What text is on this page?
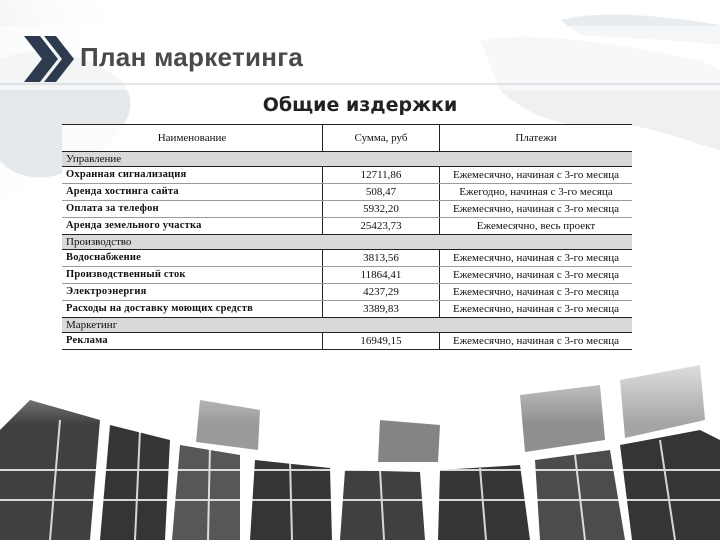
План маркетинга
Общие издержки
Наименование	Сумма, руб	Платежи
Управление		
Охранная сигнализация	12711,86	Ежемесячно, начиная с 3-го месяца
Аренда хостинга сайта	508,47	Ежегодно, начиная с 3-го месяца
Оплата за телефон	5932,20	Ежемесячно, начиная с 3-го месяца
Аренда земельного участка	25423,73	Ежемесячно, весь проект
Производство		
Водоснабжение	3813,56	Ежемесячно, начиная с 3-го месяца
Производственный сток	11864,41	Ежемесячно, начиная с 3-го месяца
Электроэнергия	4237,29	Ежемесячно, начиная с 3-го месяца
Расходы на доставку моющих средств	3389,83	Ежемесячно, начиная с 3-го месяца
Маркетинг		
Реклама	16949,15	Ежемесячно, начиная с 3-го месяца
